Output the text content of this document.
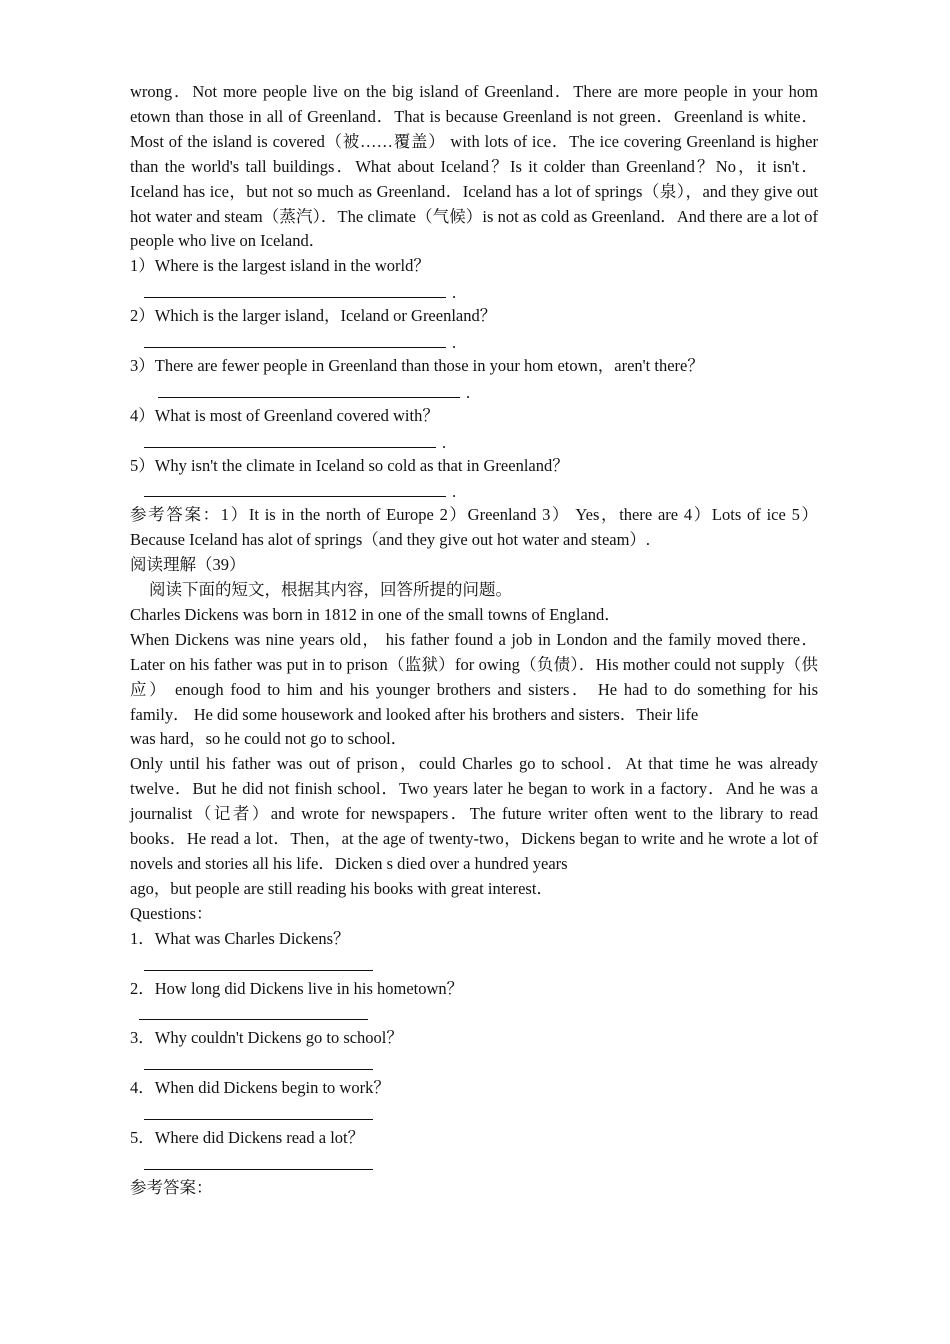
wrong．Not more people live on the big island of Greenland．There are more people in your hom etown than those in all of Greenland．That is because Greenland is not green．Greenland is white．Most of the island is covered（被……覆盖） with lots of ice．The ice covering Greenland is higher than the world's tall buildings．What about Iceland？Is it colder than Greenland？No，it isn't．Iceland has ice，but not so much as Greenland．Iceland has a lot of springs（泉），and they give out hot water and steam（蒸汽）．The climate（气候）is not as cold as Greenland．And there are a lot of people who live on Iceland．

1）Where is the largest island in the world？
.
2）Which is the larger island，Iceland or Greenland？
.
3）There are fewer people in Greenland than those in your hom etown，aren't there？
.
4）What is most of Greenland covered with？
.
5）Why isn't the climate in Iceland so cold as that in Greenland？
.

参考答案：1）It is in the north of Europe 2）Greenland 3） Yes，there are 4）Lots of ice 5）Because Iceland has alot of springs（and they give out hot water and steam）.

阅读理解（39）
阅读下面的短文，根据其内容，回答所提的问题。

Charles Dickens was born in 1812 in one of the small towns of England．

When Dickens was nine years old， his father found a job in London and the family moved there．Later on his father was put in to prison（监狱）for owing（负债）．His mother could not supply（供应） enough food to him and his younger brothers and sisters． He had to do something for his family． He did some housework and looked after his brothers and sisters．Their life

was hard，so he could not go to school．

Only until his father was out of prison，could Charles go to school．At that time he was already twelve．But he did not finish school．Two years later he began to work in a factory．And he was a journalist（记者）and wrote for newspapers．The future writer often went to the library to read books．He read a lot．Then，at the age of twenty-two，Dickens began to write and he wrote a lot of novels and stories all his life．Dicken s died over a hundred years

ago，but people are still reading his books with great interest．

Questions：
1．What was Charles Dickens？
2．How long did Dickens live in his hometown？
3．Why couldn't Dickens go to school？
4．When did Dickens begin to work？
5．Where did Dickens read a lot？
参考答案：
